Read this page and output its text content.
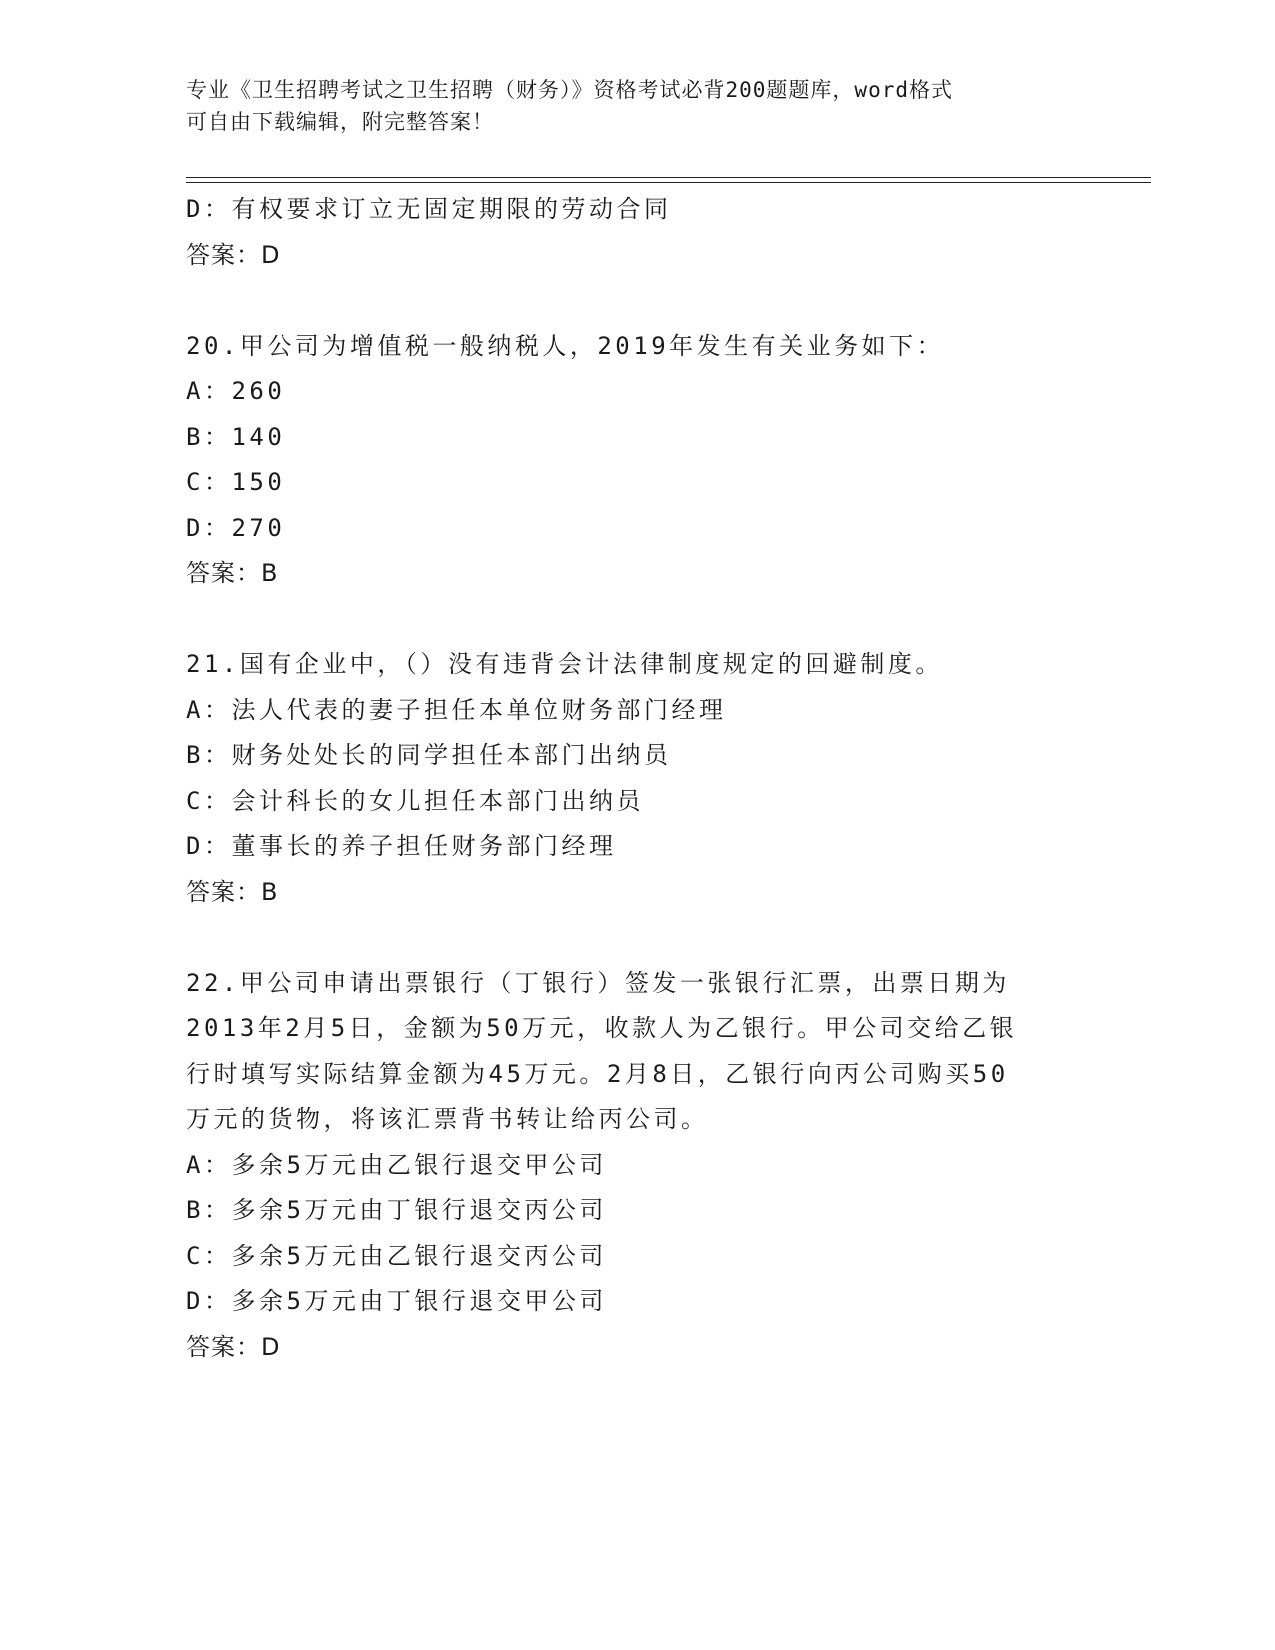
专业《卫生招聘考试之卫生招聘（财务）》资格考试必背200题题库，word格式
可自由下载编辑，附完整答案！
D：有权要求订立无固定期限的劳动合同
答案：D
20.甲公司为增值税一般纳税人，2019年发生有关业务如下：
A：260
B：140
C：150
D：270
答案：B
21.国有企业中，（）没有违背会计法律制度规定的回避制度。
A：法人代表的妻子担任本单位财务部门经理
B：财务处处长的同学担任本部门出纳员
C：会计科长的女儿担任本部门出纳员
D：董事长的养子担任财务部门经理
答案：B
22.甲公司申请出票银行（丁银行）签发一张银行汇票，出票日期为
2013年2月5日，金额为50万元，收款人为乙银行。甲公司交给乙银
行时填写实际结算金额为45万元。2月8日，乙银行向丙公司购买50
万元的货物，将该汇票背书转让给丙公司。
A：多余5万元由乙银行退交甲公司
B：多余5万元由丁银行退交丙公司
C：多余5万元由乙银行退交丙公司
D：多余5万元由丁银行退交甲公司
答案：D
